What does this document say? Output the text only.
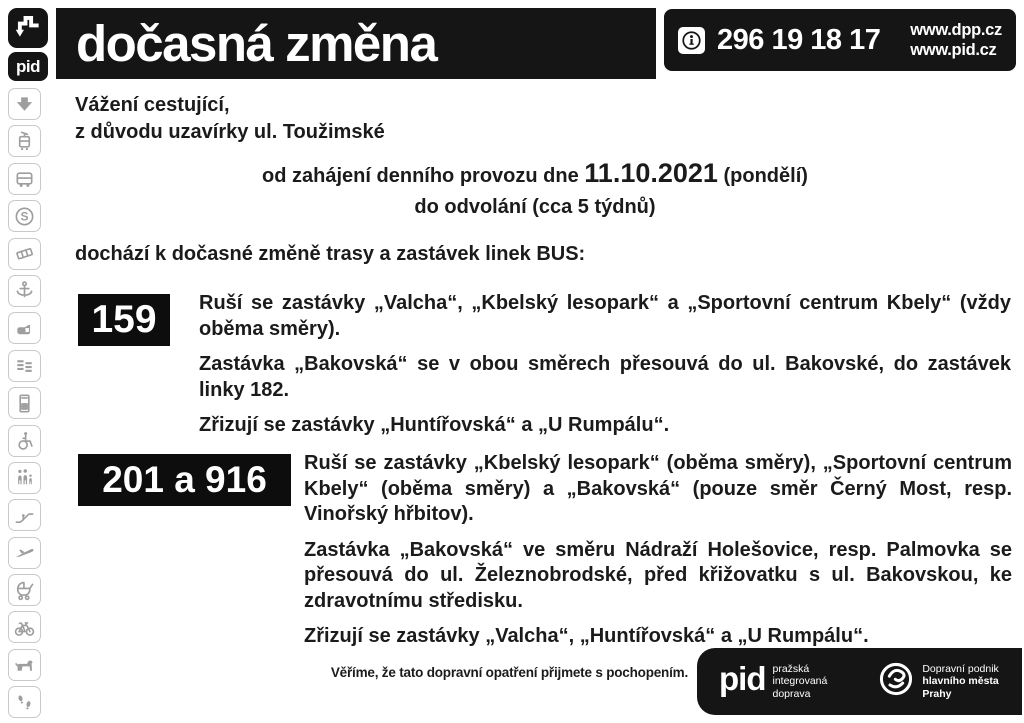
pid dočasná změna	296 19 18 17 www.dpp.cz
www.pid.cz
S
Vážení cestující,
z důvodu uzavírky ul. Toužimské
od zahájení denního provozu dne 11.10.2021 (pondělí)
do odvolání (cca 5 týdnů)
dochází k dočasné změně trasy a zastávek linek BUS:
159	Ruší se zastávky „Valcha“, „Kbelský lesopark“ a „Sportovní centrum Kbely“ (vždy oběma směry).

Zastávka „Bakovská“ se v obou směrech přesouvá do ul. Bakovské, do zastávek linky 182.

Zřizují se zastávky „Huntířovská“ a „U Rumpálu“.

201 a 916	Ruší se zastávky „Kbelský lesopark“ (oběma směry), „Sportovní centrum Kbely“ (oběma směry) a „Bakovská“ (pouze směr Černý Most, resp. Vinořský hřbitov).

Zastávka „Bakovská“ ve směru Nádraží Holešovice, resp. Palmovka se přesouvá do ul. Železnobrodské, před křižovatku s ul. Bakovskou, ke zdravotnímu středisku.

Zřizují se zastávky „Valcha“, „Huntířovská“ a „U Rumpálu“.

Věříme, že tato dopravní opatření přijmete s pochopením. pid pražská integrovaná
doprava
Dopravní podnik
hlavního města Prahy
